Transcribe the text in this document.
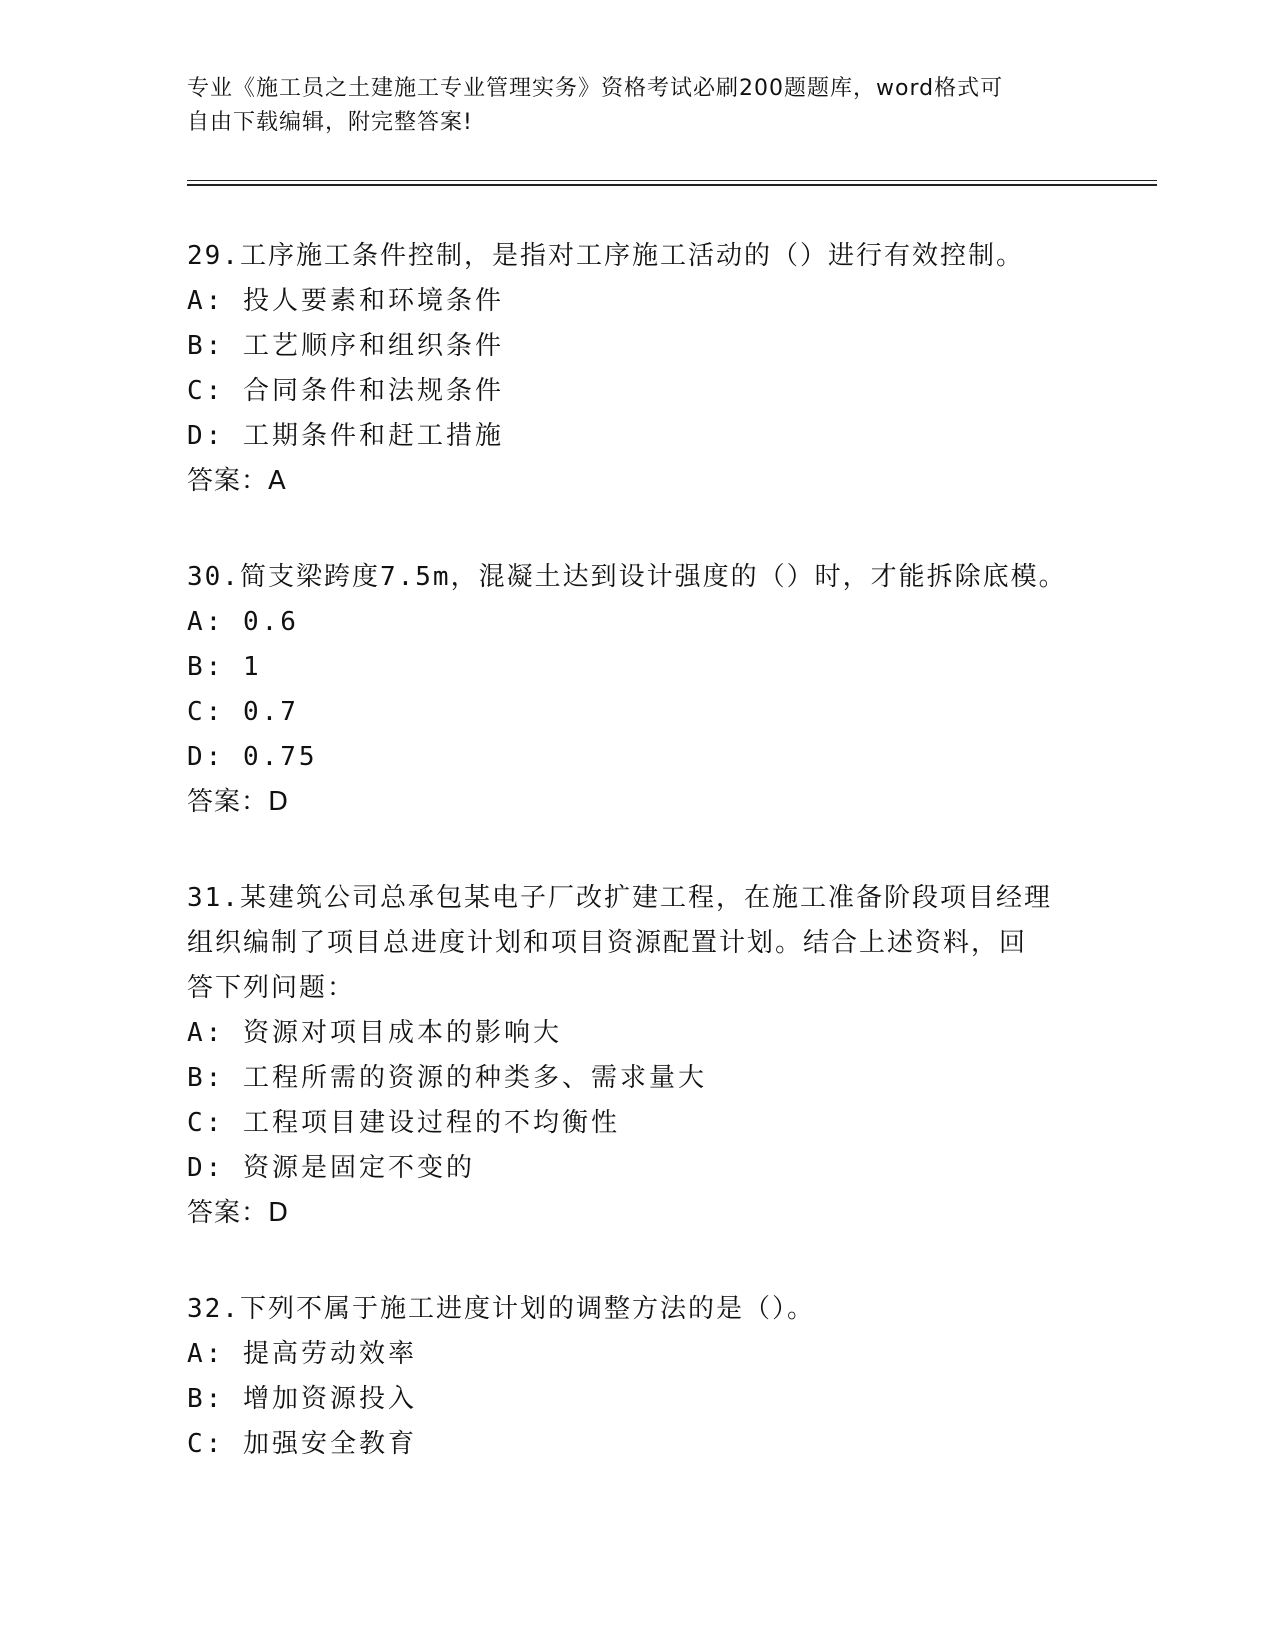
专业《施工员之土建施工专业管理实务》资格考试必刷200题题库，word格式可
自由下载编辑，附完整答案!
29.工序施工条件控制，是指对工序施工活动的（）进行有效控制。
A: 投人要素和环境条件
B: 工艺顺序和组织条件
C: 合同条件和法规条件
D: 工期条件和赶工措施
答案：A
30.简支梁跨度7.5m，混凝土达到设计强度的（）时，才能拆除底模。
A: 0.6
B: 1
C: 0.7
D: 0.75
答案：D
31.某建筑公司总承包某电子厂改扩建工程，在施工准备阶段项目经理
组织编制了项目总进度计划和项目资源配置计划。结合上述资料，回
答下列问题：
A: 资源对项目成本的影响大
B: 工程所需的资源的种类多、需求量大
C: 工程项目建设过程的不均衡性
D: 资源是固定不变的
答案：D
32.下列不属于施工进度计划的调整方法的是（）。
A: 提高劳动效率
B: 增加资源投入
C: 加强安全教育
